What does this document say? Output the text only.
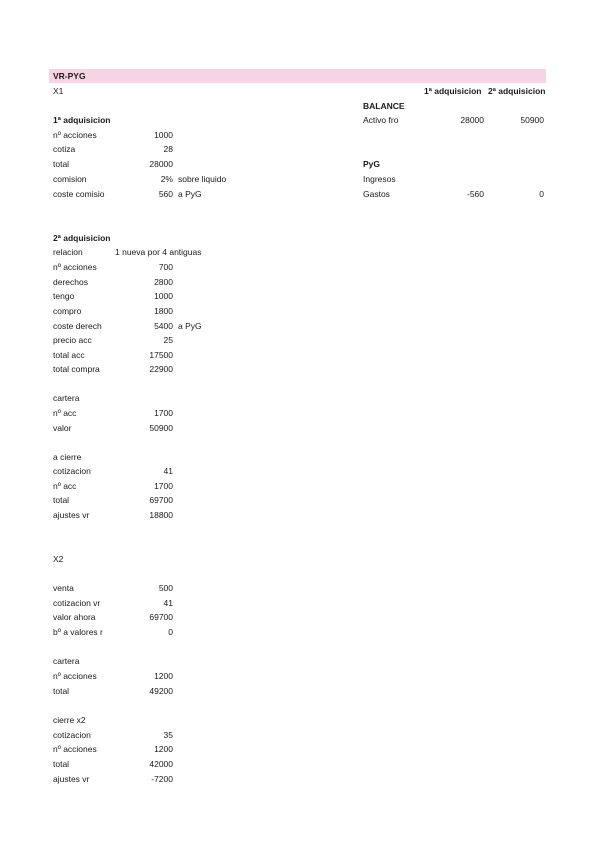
VR-PYG
X1	1ª adquisicion 2ª adquisicion
BALANCE
Activo fro	28000	50900
PyG
Ingresos
Gastos	-560	0
1ª adquisicion
nº acciones	1000
cotiza	28
total	28000
comision	2% sobre liquido
coste comisio	560 a PyG
2ª adquisicion
relacion	1 nueva por 4 antiguas
nº acciones	700
derechos	2800
tengo	1000
compro	1800
coste derech	5400 a PyG
precio acc	25
total acc	17500
total compra	22900
cartera
nº acc	1700
valor	50900
a cierre
cotizacion	41
nº acc	1700
total	69700
ajustes vr	18800
X2
venta	500
cotizacion vr	41
valor ahora	69700
bº a valores r	0
cartera
nº acciones	1200
total	49200
cierre x2
cotizacion	35
nº acciones	1200
total	42000
ajustes vr	-7200
